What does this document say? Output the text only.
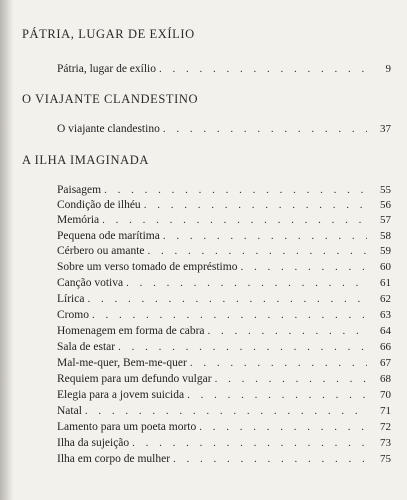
PÁTRIA, LUGAR DE EXÍLIO
Pátria, lugar de exílio . . .	9
O VIAJANTE CLANDESTINO
O viajante clandestino . . .	37
A ILHA IMAGINADA
Paisagem . . .	55
Condição de ilhéu . . .	56
Memória . . .	57
Pequena ode marítima . . .	58
Cérbero ou amante . . .	59
Sobre um verso tomado de empréstimo . . .	60
Canção votiva . . .	61
Lírica . . .	62
Cromo . . .	63
Homenagem em forma de cabra . . .	64
Sala de estar . . .	66
Mal-me-quer, Bem-me-quer . . .	67
Requiem para um defundo vulgar . . .	68
Elegia para a jovem suicida . . .	70
Natal . . .	71
Lamento para um poeta morto . . .	72
Ilha da sujeição . . .	73
Ilha em corpo de mulher . . .	75
